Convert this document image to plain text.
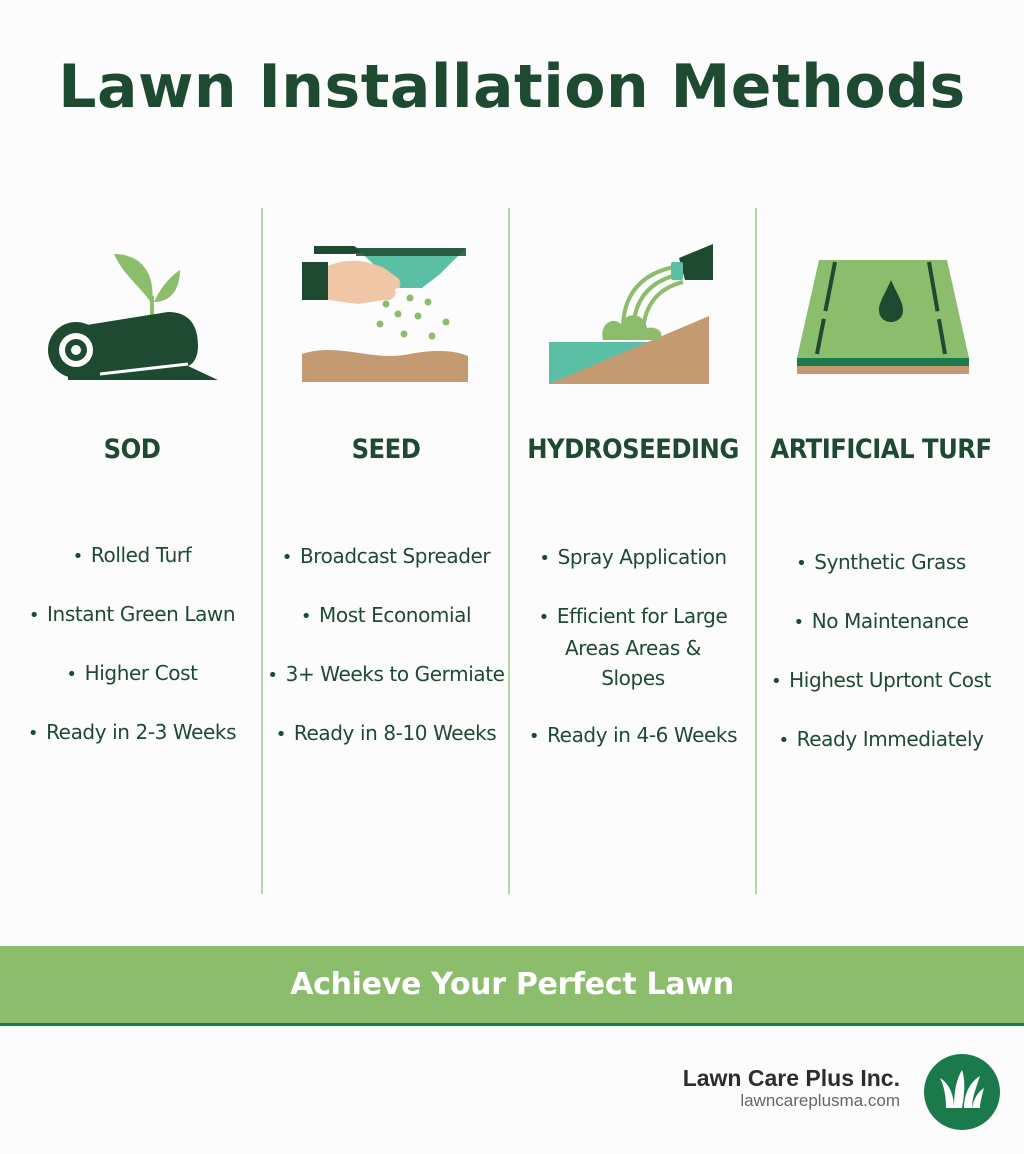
Lawn Installation Methods
SOD
• Rolled Turf
• Instant Green Lawn
• Higher Cost
• Ready in 2-3 Weeks
SEED
• Broadcast Spreader
• Most Economial
• 3+ Weeks to Germiate
• Ready in 8-10 Weeks
HYDROSEEDING
• Spray Application
• Efficient for Large Areas Areas & Slopes
• Ready in 4-6 Weeks
ARTIFICIAL TURF
• Synthetic Grass
• No Maintenance
• Highest Uprtont Cost
• Ready Immediately
Achieve Your Perfect Lawn
Lawn Care Plus Inc.
lawncareplusma.com
